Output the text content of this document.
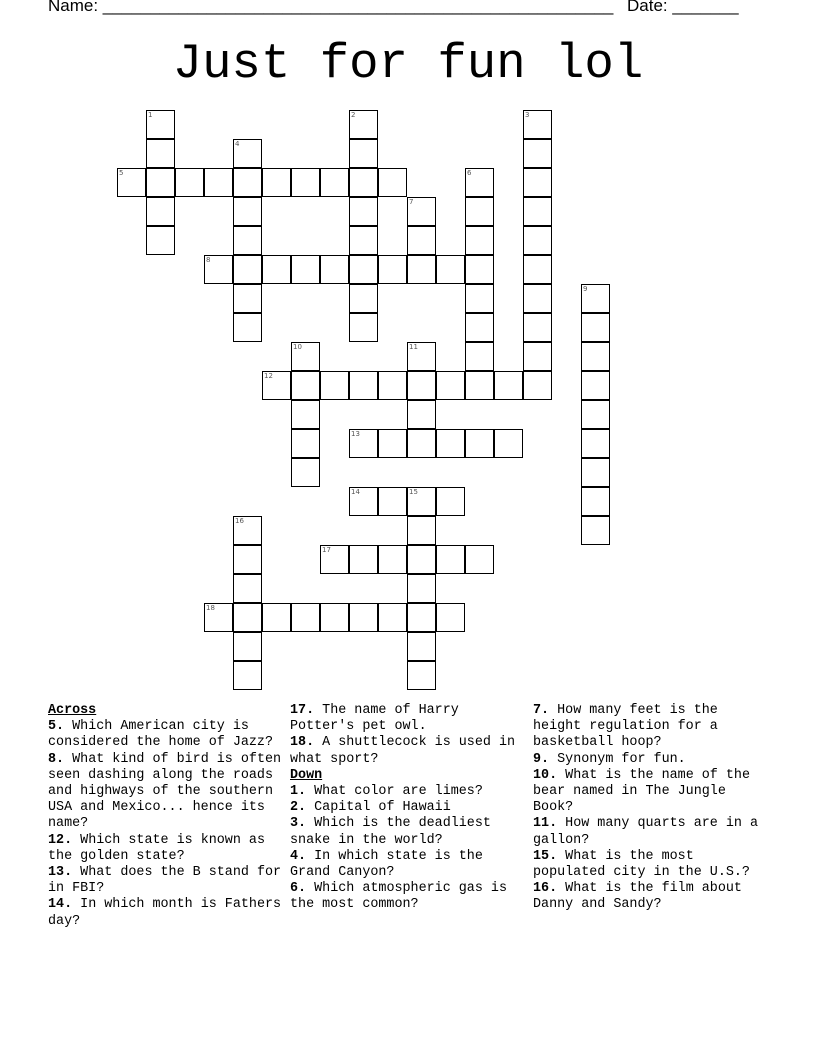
Name: ______________________________________________________ Date: _______
Just for fun lol
1	2	3
4
5	6
7
8
9
10	11
12
13
14	15
16
17
18
Across
5. Which American city is considered the home of Jazz?
8. What kind of bird is often seen dashing along the roads and highways of the southern USA and Mexico... hence its name?
12. Which state is known as the golden state?
13. What does the B stand for in FBI?
14. In which month is Fathers day?
17. The name of Harry Potter's pet owl.
18. A shuttlecock is used in what sport?
Down
1. What color are limes?
2. Capital of Hawaii
3. Which is the deadliest snake in the world?
4. In which state is the Grand Canyon?
6. Which atmospheric gas is the most common?
7. How many feet is the height regulation for a basketball hoop?
9. Synonym for fun.
10. What is the name of the bear named in The Jungle Book?
11. How many quarts are in a gallon?
15. What is the most populated city in the U.S.?
16. What is the film about Danny and Sandy?
